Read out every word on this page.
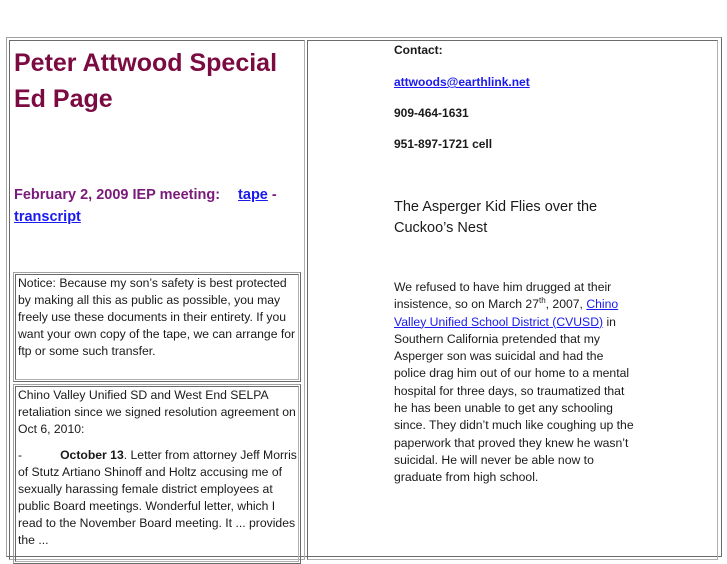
Peter Attwood Special Ed Page
February 2, 2009 IEP meeting: tape - transcript
Notice: Because my son’s safety is best protected by making all this as public as possible, you may freely use these documents in their entirety. If you want your own copy of the tape, we can arrange for ftp or some such transfer.

Chino Valley Unified SD and West End SELPA retaliation since we signed resolution agreement on Oct 6, 2010:

-	October 13. Letter from attorney Jeff Morris of Stutz Artiano Shinoff and Holtz accusing me of sexually harassing female district employees at public Board meetings. Wonderful letter, which I read to the November Board meeting. It ... provides the ...

Contact:
attwoods@earthlink.net
909-464-1631
951-897-1721 cell
The Asperger Kid Flies over the Cuckoo’s Nest
We refused to have him drugged at their insistence, so on March 27th, 2007, Chino Valley Unified School District (CVUSD) in Southern California pretended that my Asperger son was suicidal and had the police drag him out of our home to a mental hospital for three days, so traumatized that he has been unable to get any schooling since. They didn’t much like coughing up the paperwork that proved they knew he wasn’t suicidal. He will never be able now to graduate from high school.
